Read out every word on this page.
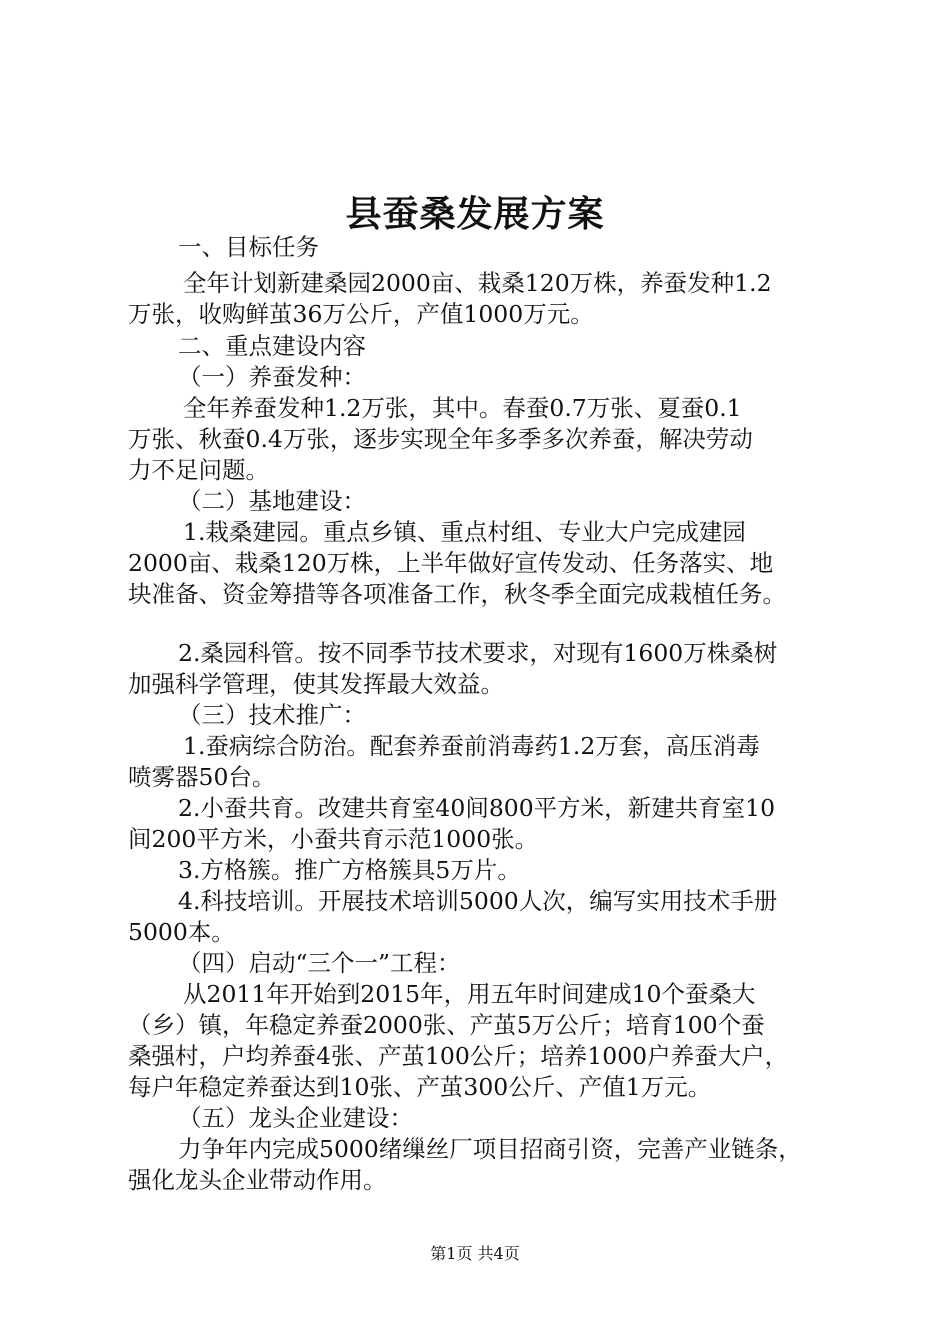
县蚕桑发展方案

一、目标任务

全年计划新建桑园2000亩、栽桑120万株，养蚕发种1.2

万张，收购鲜茧36万公斤，产值1000万元。

二、重点建设内容

（一）养蚕发种：

全年养蚕发种1.2万张，其中。春蚕0.7万张、夏蚕0.1

万张、秋蚕0.4万张，逐步实现全年多季多次养蚕，解决劳动

力不足问题。

（二）基地建设：

1.栽桑建园。重点乡镇、重点村组、专业大户完成建园

2000亩、栽桑120万株，上半年做好宣传发动、任务落实、地

块准备、资金筹措等各项准备工作，秋冬季全面完成栽植任务。

2.桑园科管。按不同季节技术要求，对现有1600万株桑树

加强科学管理，使其发挥最大效益。

（三）技术推广：

1.蚕病综合防治。配套养蚕前消毒药1.2万套，高压消毒

喷雾器50台。

2.小蚕共育。改建共育室40间800平方米，新建共育室10

间200平方米，小蚕共育示范1000张。

3.方格簇。推广方格簇具5万片。

4.科技培训。开展技术培训5000人次，编写实用技术手册

5000本。

（四）启动“三个一”工程：

从2011年开始到2015年，用五年时间建成10个蚕桑大

（乡）镇，年稳定养蚕2000张、产茧5万公斤；培育100个蚕

桑强村，户均养蚕4张、产茧100公斤；培养1000户养蚕大户，

每户年稳定养蚕达到10张、产茧300公斤、产值1万元。

（五）龙头企业建设：

力争年内完成5000绪缫丝厂项目招商引资，完善产业链条，

强化龙头企业带动作用。

第1页 共4页
